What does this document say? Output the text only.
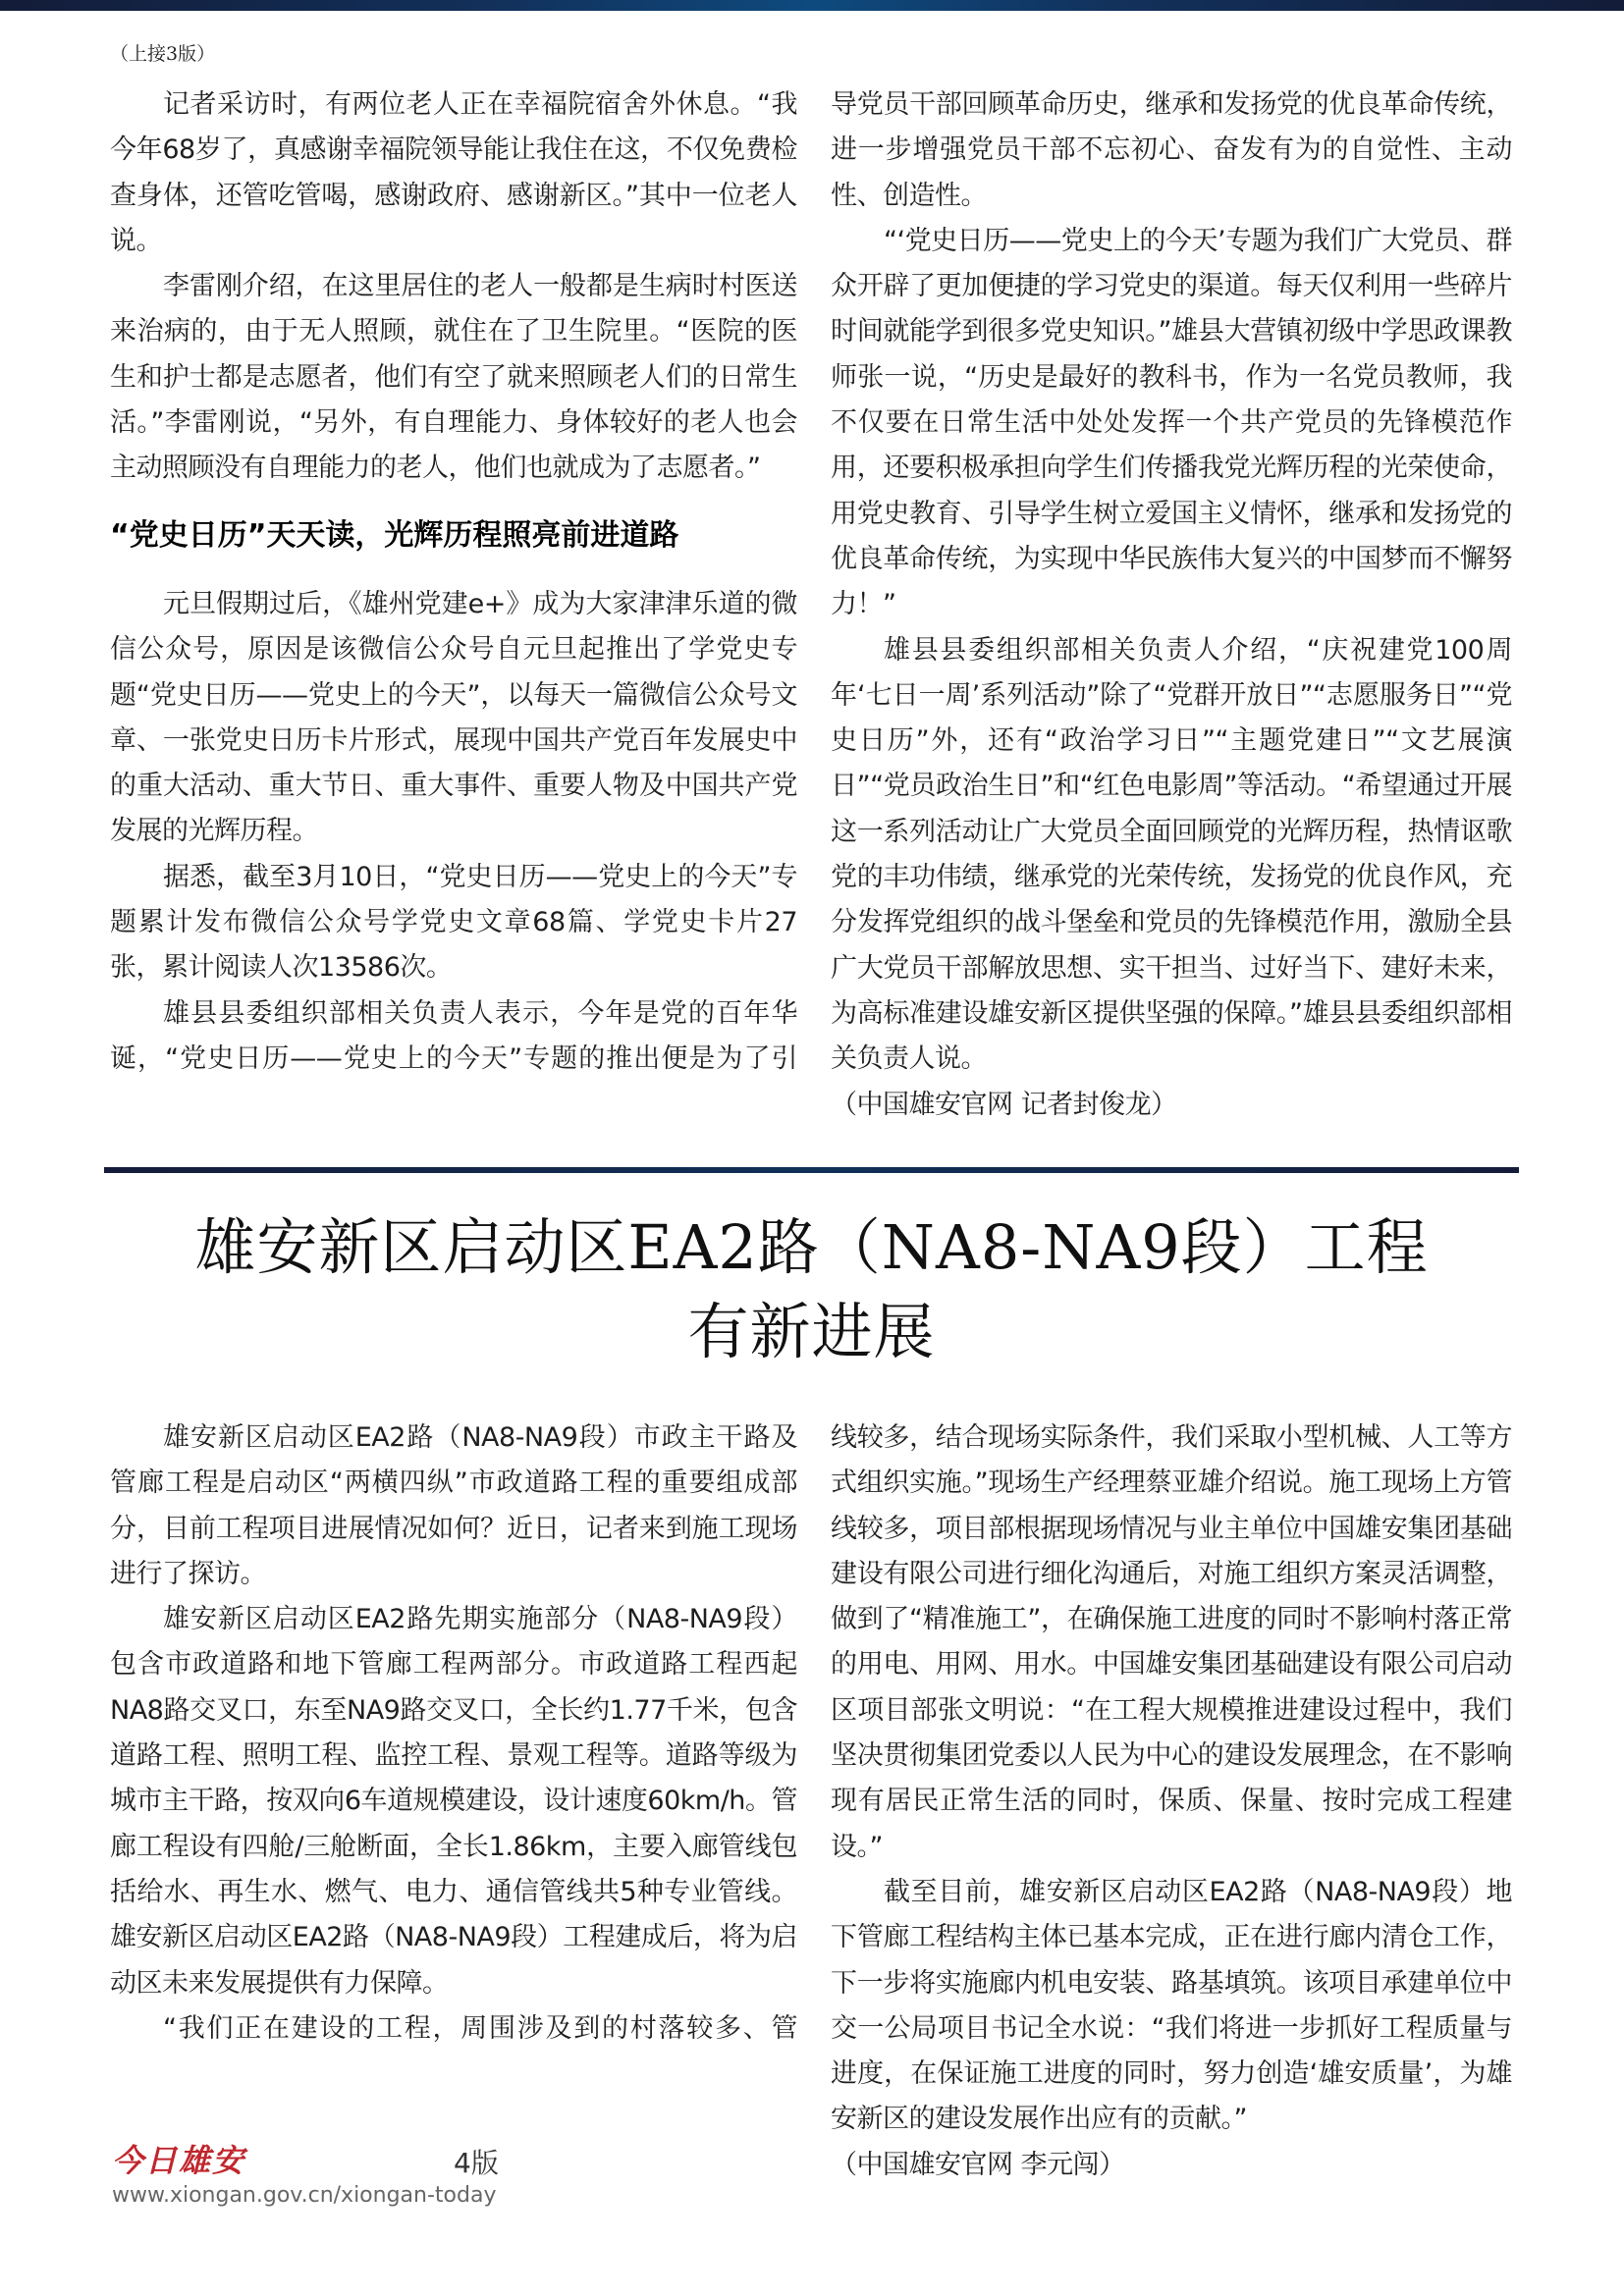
（上接3版）

记者采访时，有两位老人正在幸福院宿舍外休息。“我今年68岁了，真感谢幸福院领导能让我住在这，不仅免费检查身体，还管吃管喝，感谢政府、感谢新区。”其中一位老人说。

李雷刚介绍，在这里居住的老人一般都是生病时村医送来治病的，由于无人照顾，就住在了卫生院里。“医院的医生和护士都是志愿者，他们有空了就来照顾老人们的日常生活。”李雷刚说，“另外，有自理能力、身体较好的老人也会主动照顾没有自理能力的老人，他们也就成为了志愿者。”

“党史日历”天天读，光辉历程照亮前进道路

元旦假期过后，《雄州党建e+》成为大家津津乐道的微信公众号，原因是该微信公众号自元旦起推出了学党史专题“党史日历——党史上的今天”，以每天一篇微信公众号文章、一张党史日历卡片形式，展现中国共产党百年发展史中的重大活动、重大节日、重大事件、重要人物及中国共产党发展的光辉历程。

据悉，截至3月10日，“党史日历——党史上的今天”专题累计发布微信公众号学党史文章68篇、学党史卡片27张，累计阅读人次13586次。

雄县县委组织部相关负责人表示，今年是党的百年华诞，“党史日历——党史上的今天”专题的推出便是为了引

导党员干部回顾革命历史，继承和发扬党的优良革命传统，进一步增强党员干部不忘初心、奋发有为的自觉性、主动性、创造性。

“‘党史日历——党史上的今天’专题为我们广大党员、群众开辟了更加便捷的学习党史的渠道。每天仅利用一些碎片时间就能学到很多党史知识。”雄县大营镇初级中学思政课教师张一说，“历史是最好的教科书，作为一名党员教师，我不仅要在日常生活中处处发挥一个共产党员的先锋模范作用，还要积极承担向学生们传播我党光辉历程的光荣使命，用党史教育、引导学生树立爱国主义情怀，继承和发扬党的优良革命传统，为实现中华民族伟大复兴的中国梦而不懈努力！”

雄县县委组织部相关负责人介绍，“庆祝建党100周年‘七日一周’系列活动”除了“党群开放日”“志愿服务日”“党史日历”外，还有“政治学习日”“主题党建日”“文艺展演日”“党员政治生日”和“红色电影周”等活动。“希望通过开展这一系列活动让广大党员全面回顾党的光辉历程，热情讴歌党的丰功伟绩，继承党的光荣传统，发扬党的优良作风，充分发挥党组织的战斗堡垒和党员的先锋模范作用，激励全县广大党员干部解放思想、实干担当、过好当下、建好未来，为高标准建设雄安新区提供坚强的保障。”雄县县委组织部相关负责人说。

（中国雄安官网 记者封俊龙）

雄安新区启动区EA2路（NA8-NA9段）工程
有新进展

雄安新区启动区EA2路（NA8-NA9段）市政主干路及管廊工程是启动区“两横四纵”市政道路工程的重要组成部分，目前工程项目进展情况如何？近日，记者来到施工现场进行了探访。

雄安新区启动区EA2路先期实施部分（NA8-NA9段）包含市政道路和地下管廊工程两部分。市政道路工程西起NA8路交叉口，东至NA9路交叉口，全长约1.77千米，包含道路工程、照明工程、监控工程、景观工程等。道路等级为城市主干路，按双向6车道规模建设，设计速度60km/h。管廊工程设有四舱/三舱断面，全长1.86km，主要入廊管线包括给水、再生水、燃气、电力、通信管线共5种专业管线。雄安新区启动区EA2路（NA8-NA9段）工程建成后，将为启动区未来发展提供有力保障。

“我们正在建设的工程，周围涉及到的村落较多、管

线较多，结合现场实际条件，我们采取小型机械、人工等方式组织实施。”现场生产经理蔡亚雄介绍说。施工现场上方管线较多，项目部根据现场情况与业主单位中国雄安集团基础建设有限公司进行细化沟通后，对施工组织方案灵活调整，做到了“精准施工”，在确保施工进度的同时不影响村落正常的用电、用网、用水。中国雄安集团基础建设有限公司启动区项目部张文明说：“在工程大规模推进建设过程中，我们坚决贯彻集团党委以人民为中心的建设发展理念，在不影响现有居民正常生活的同时，保质、保量、按时完成工程建设。”

截至目前，雄安新区启动区EA2路（NA8-NA9段）地下管廊工程结构主体已基本完成，正在进行廊内清仓工作，下一步将实施廊内机电安装、路基填筑。该项目承建单位中交一公局项目书记全水说：“我们将进一步抓好工程质量与进度，在保证施工进度的同时，努力创造‘雄安质量’，为雄安新区的建设发展作出应有的贡献。”

（中国雄安官网 李元闯）

今日雄安	4版
www.xiongan.gov.cn/xiongan-today
